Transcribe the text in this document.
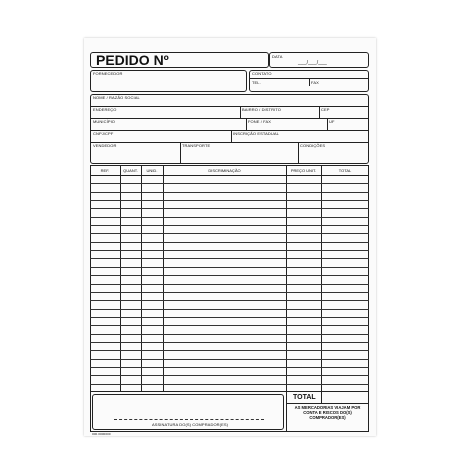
PEDIDO Nº	DATA
___/___/___
FORNECEDOR	CONTATO
TEL.	FAX
NOME / RAZÃO SOCIAL
ENDEREÇO	BAIRRO / DISTRITO	CEP
MUNICÍPIO	FONE / FAX	UF
CNPJ/CPF	INSCRIÇÃO ESTADUAL
VENDEDOR	TRANSPORTE	CONDIÇÕES
REF.	QUANT.	UNID.	DISCRIMINAÇÃO	PREÇO UNIT.	TOTAL
TOTAL
AS MERCADORIAS VIAJAM POR CONTA E RISCOS DO(S) COMPRADOR(ES)
ASSINATURA DO(S) COMPRADOR(ES)
000.0000000
